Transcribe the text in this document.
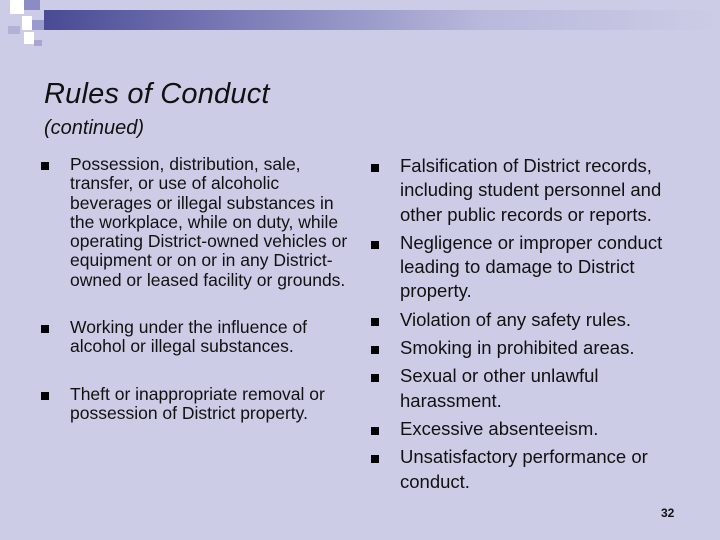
Rules of Conduct
(continued)
Possession, distribution, sale, transfer, or use of alcoholic beverages or illegal substances in the workplace, while on duty, while operating District-owned vehicles or equipment or on or in any District-owned or leased facility or grounds.
Working under the influence of alcohol or illegal substances.
Theft or inappropriate removal or possession of District property.
Falsification of District records, including student personnel and other public records or reports.
Negligence or improper conduct leading to damage to District property.
Violation of any safety rules.
Smoking in prohibited areas.
Sexual or other unlawful harassment.
Excessive absenteeism.
Unsatisfactory performance or conduct.

32
